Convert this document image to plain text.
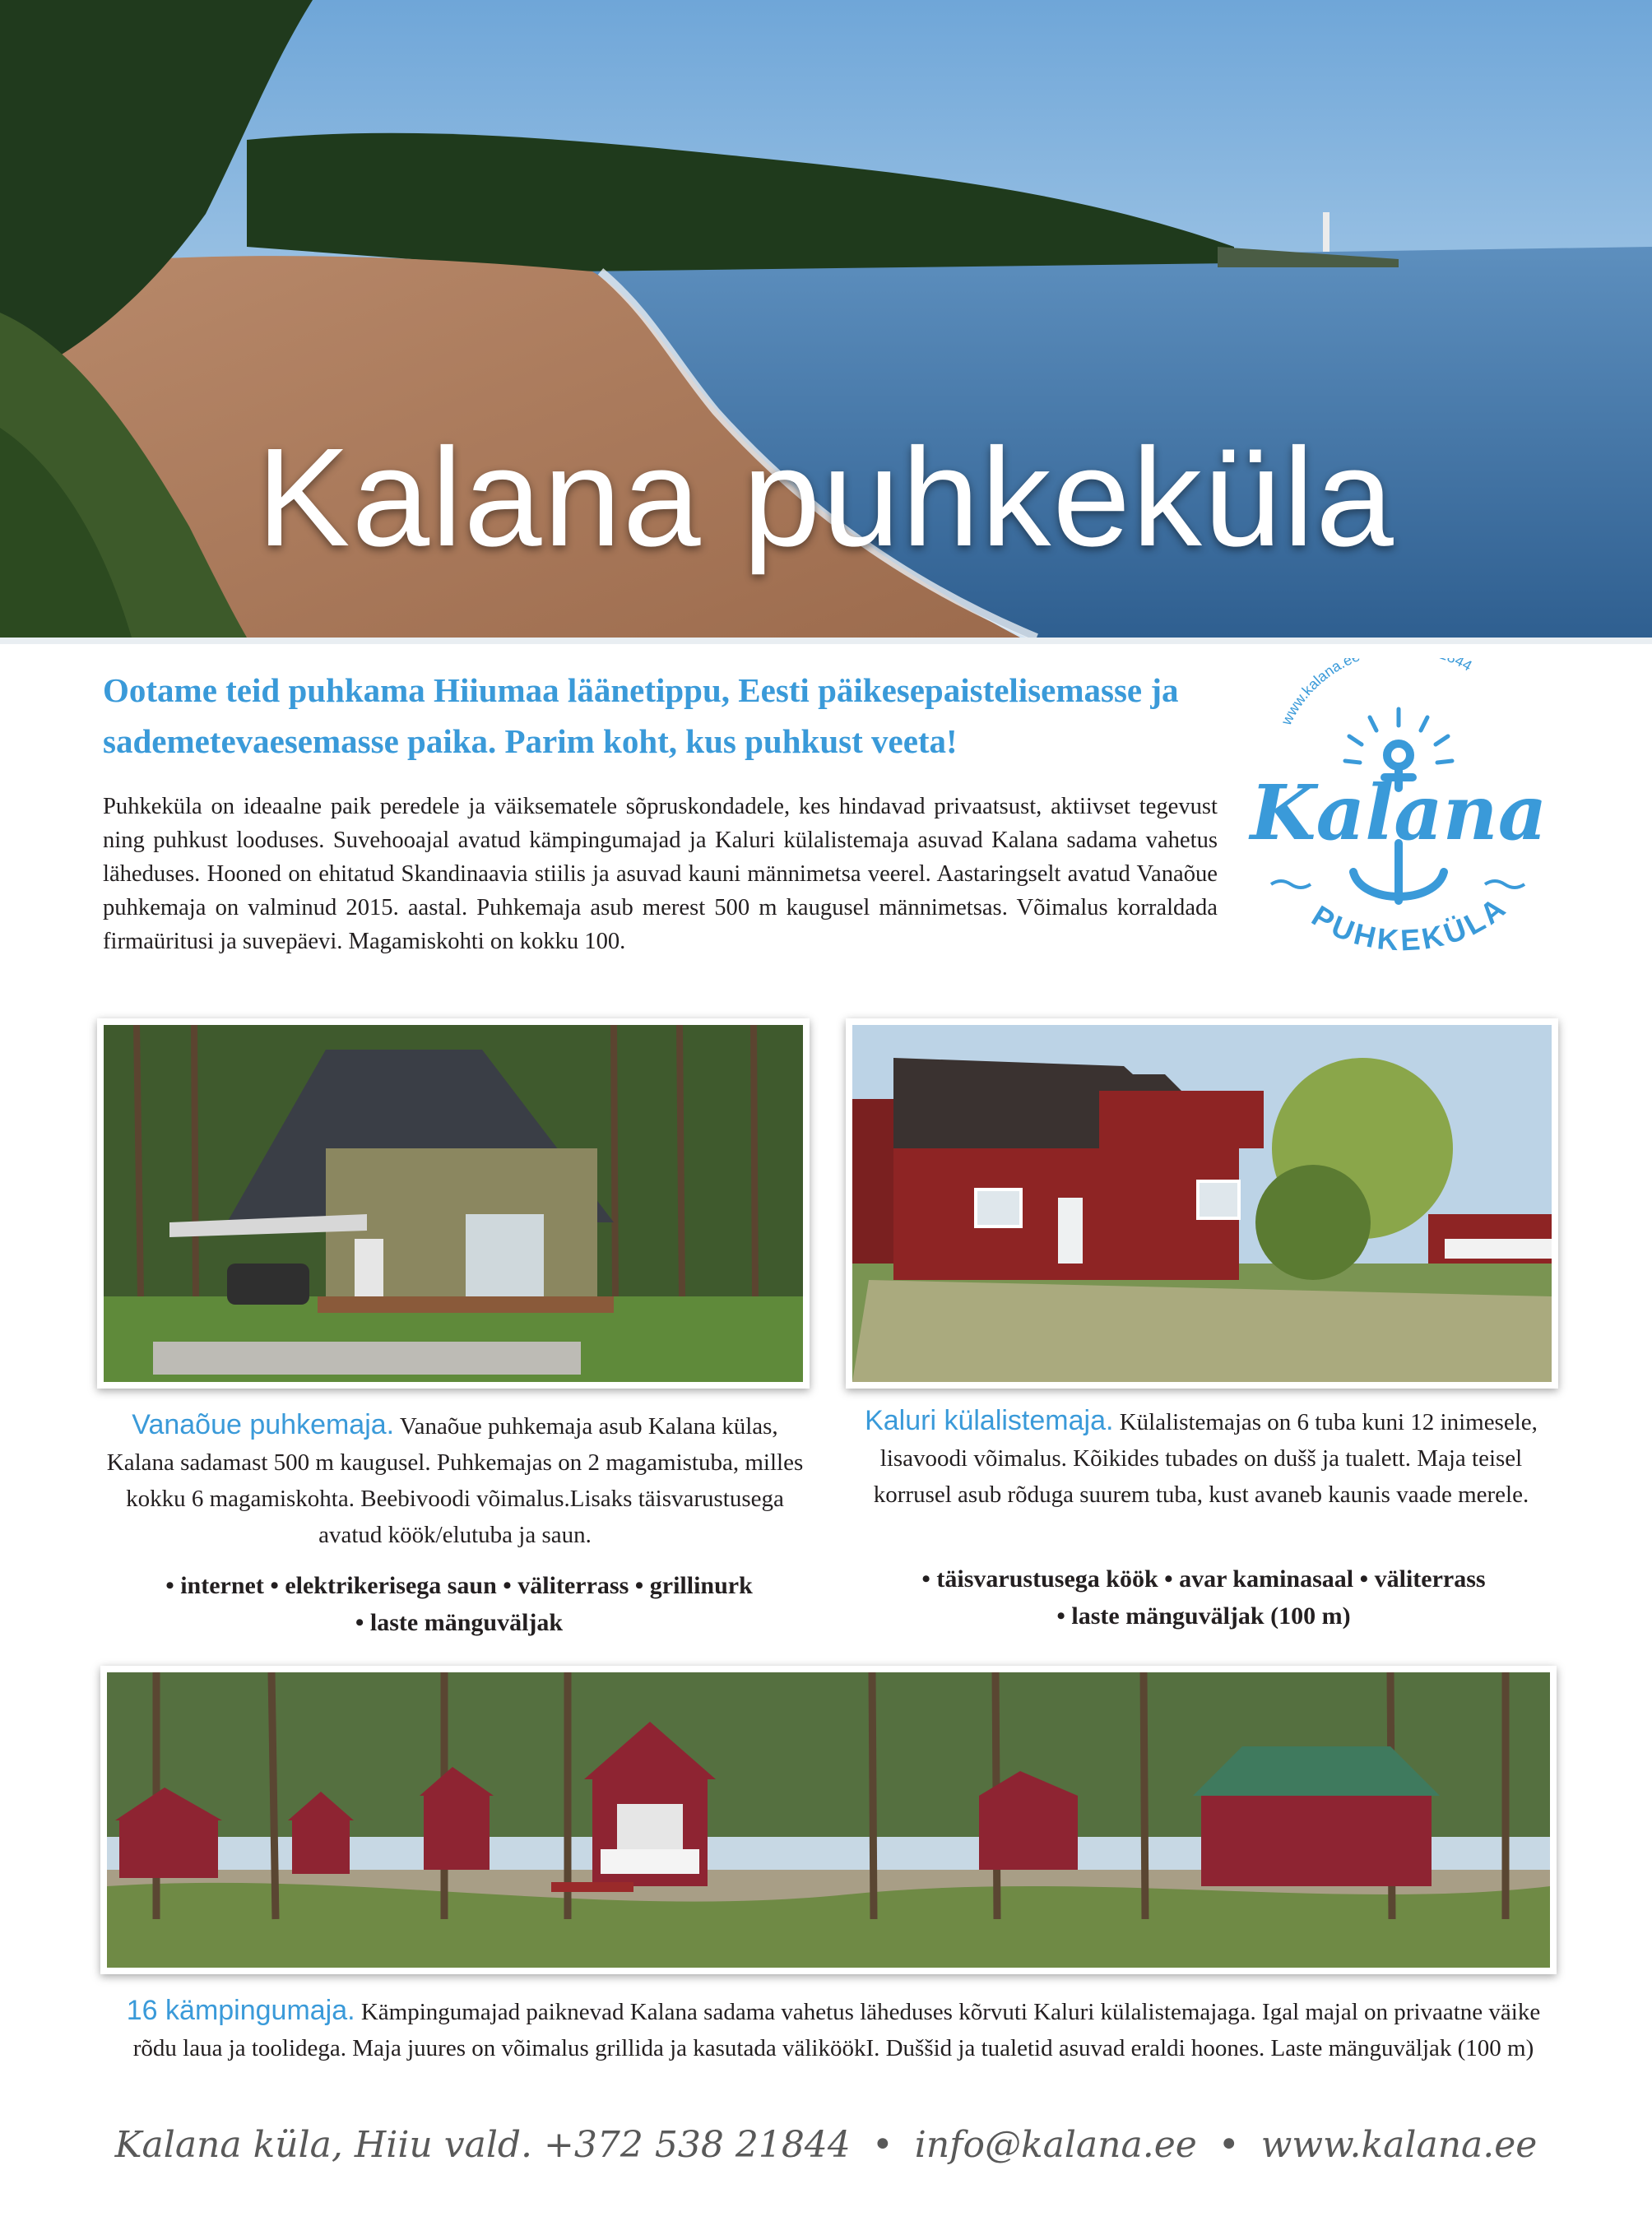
Kalana puhkeküla
Ootame teid puhkama Hiiumaa läänetippu, Eesti päikesepaistelisemasse ja sademetevaesemasse paika. Parim koht, kus puhkust veeta!
Puhkeküla on ideaalne paik peredele ja väiksematele sõpruskondadele, kes hindavad privaatsust, aktiivset tegevust ning puhkust looduses. Suvehooajal avatud kämpingumajad ja Kaluri külalistemaja asuvad Kalana sadama vahetus läheduses. Hooned on ehitatud Skandinaavia stiilis ja asuvad kauni männimetsa veerel. Aastaringselt avatud Vanaõue puhkemaja on valminud 2015. aastal. Puhkemaja asub merest 500 m kaugusel männimetsas. Võimalus korraldada firmaüritusi ja suvepäevi. Magamiskohti on kokku 100.
www.kalana.e 44
Kalana
PUHKEKÜLA
Vanaõue puhkemaja. Vanaõue puhkemaja asub Kalana külas, Kalana sadamast 500 m kaugusel. Puhkemajas on 2 magamistuba, milles kokku 6 magamiskohta. Beebivoodi võimalus.Lisaks täisvarustusega avatud köök/elutuba ja saun.
• internet • elektrikerisega saun • väliterrass • grillinurk
• laste mänguväljak
Kaluri külalistemaja. Külalistemajas on 6 tuba kuni 12 inimesele, lisavoodi võimalus. Kõikides tubades on dušš ja tualett. Maja teisel korrusel asub rõduga suurem tuba, kust avaneb kaunis vaade merele.
• täisvarustusega köök • avar kaminasaal • väliterrass
• laste mänguväljak (100 m)
16 kämpingumaja. Kämpingumajad paiknevad Kalana sadama vahetus läheduses kõrvuti Kaluri külalistemajaga. Igal majal on privaatne väike rõdu laua ja toolidega. Maja juures on võimalus grillida ja kasutada väliköökI. Duššid ja tualetid asuvad eraldi hoones. Laste mänguväljak (100 m)
Kalana küla, Hiiu vald. +372 538 21844 • info@kalana.ee • www.kalana.ee
